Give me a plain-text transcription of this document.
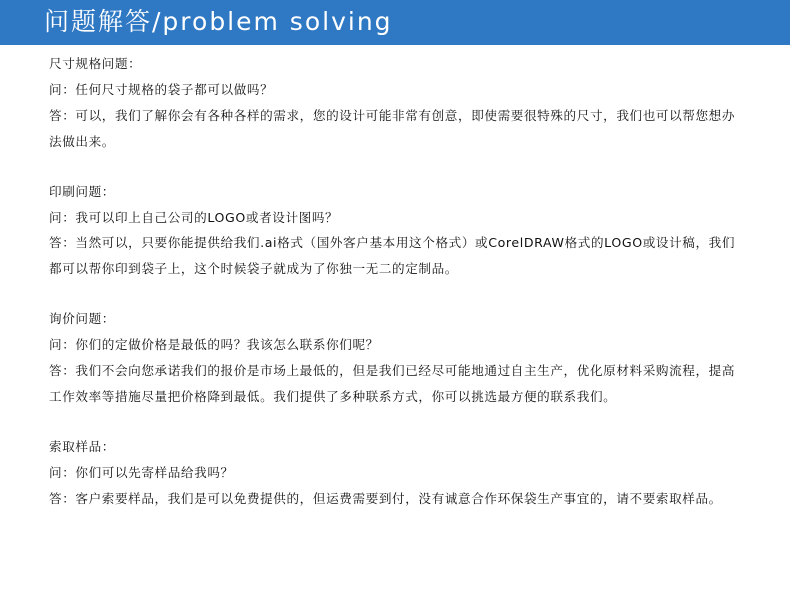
问题解答/problem solving
尺寸规格问题：
问：任何尺寸规格的袋子都可以做吗？
答：可以，我们了解你会有各种各样的需求，您的设计可能非常有创意，即使需要很特殊的尺寸，我们也可以帮您想办法做出来。
印刷问题：
问：我可以印上自己公司的LOGO或者设计图吗？
答：当然可以，只要你能提供给我们.ai格式（国外客户基本用这个格式）或CorelDRAW格式的LOGO或设计稿，我们都可以帮你印到袋子上，这个时候袋子就成为了你独一无二的定制品。
询价问题：
问：你们的定做价格是最低的吗？我该怎么联系你们呢？
答：我们不会向您承诺我们的报价是市场上最低的，但是我们已经尽可能地通过自主生产，优化原材料采购流程，提高工作效率等措施尽量把价格降到最低。我们提供了多种联系方式，你可以挑选最方便的联系我们。
索取样品：
问：你们可以先寄样品给我吗？
答：客户索要样品，我们是可以免费提供的，但运费需要到付，没有诚意合作环保袋生产事宜的，请不要索取样品。
